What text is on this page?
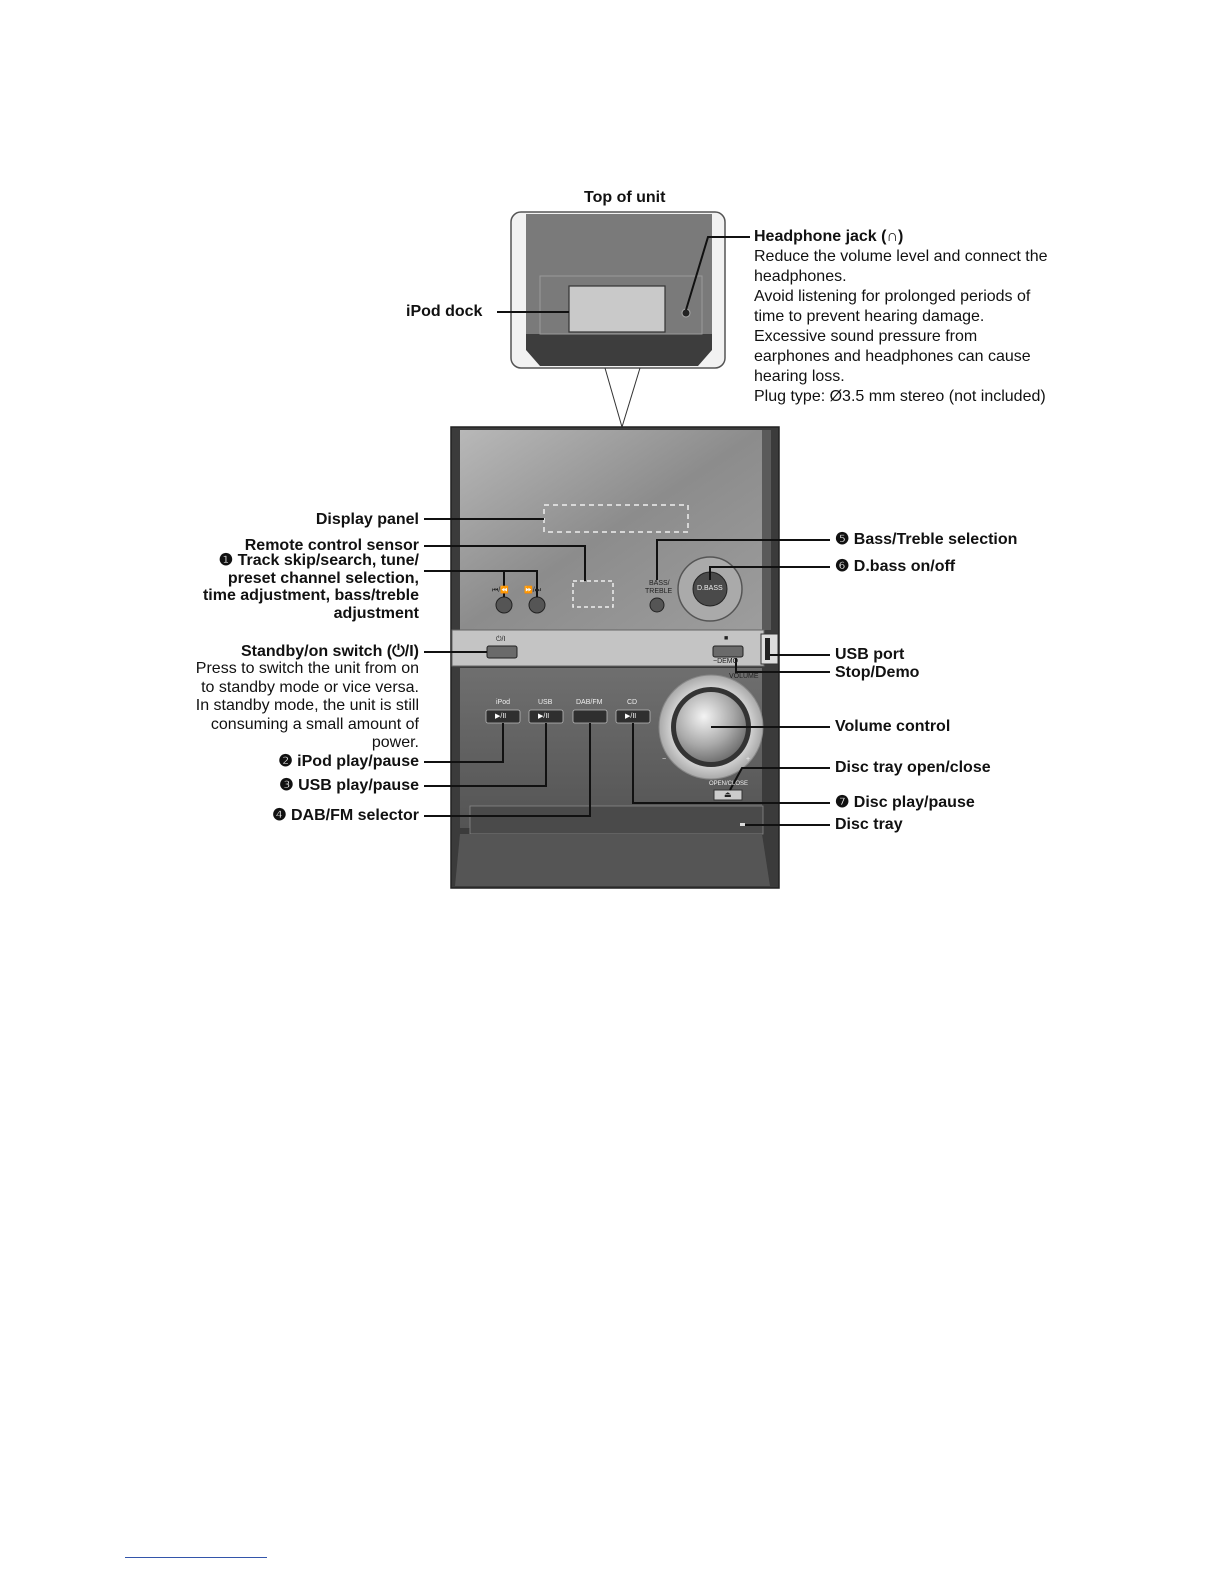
⏮/⏪ ⏩/⏭
BASS/
TREBLE	D.BASS
⏻/I	■
−DEMO
VOLUME
iPod	USB	DAB/FM	CD
▶/II	▶/II	▶/II
−	+
OPEN/CLOSE
⏏
Top of unit
iPod dock
Headphone jack (∩)
Reduce the volume level and connect the
headphones.
Avoid listening for prolonged periods of
time to prevent hearing damage.
Excessive sound pressure from
earphones and headphones can cause
hearing loss.
Plug type: Ø3.5 mm stereo (not included)
Display panel
Remote control sensor
❶ Track skip/search, tune/
preset channel selection,
time adjustment, bass/treble
adjustment
Standby/on switch (⏻/I)
Press to switch the unit from on
to standby mode or vice versa.
In standby mode, the unit is still
consuming a small amount of
power.
❷ iPod play/pause
❸ USB play/pause
❹ DAB/FM selector
❺ Bass/Treble selection
❻ D.bass on/off
USB port
Stop/Demo
Volume control
Disc tray open/close
❼ Disc play/pause
Disc tray
